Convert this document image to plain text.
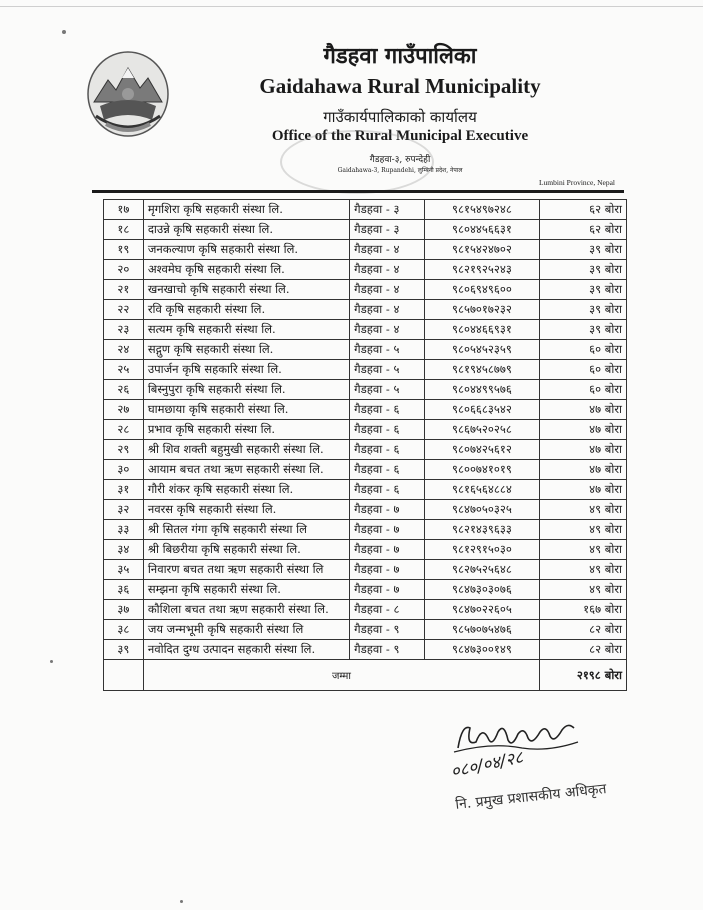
गैडहवा गाउँपालिका
Gaidahawa Rural Municipality
गाउँकार्यपालिकाको कार्यालय
Office of the Rural Municipal Executive
गैडहवा-३, रुपन्देही
Gaidahawa-3, Rupandehi, लुम्बिनी प्रदेश, नेपाल
Lumbini Province, Nepal
१७	मृगशिरा कृषि सहकारी संस्था लि.	गैडहवा - ३	९८१५४९७२४८	६२ बोरा
१८	दाउन्ने कृषि सहकारी संस्था लि.	गैडहवा - ३	९८०४४५६६३१	६२ बोरा
१९	जनकल्याण कृषि सहकारी संस्था लि.	गैडहवा - ४	९८१५४२४७०२	३९ बोरा
२०	अश्वमेघ कृषि सहकारी संस्था लि.	गैडहवा - ४	९८२१९२५२४३	३९ बोरा
२१	खनखाचो कृषि सहकारी संस्था लि.	गैडहवा - ४	९८०६९४९६००	३९ बोरा
२२	रवि कृषि सहकारी संस्था लि.	गैडहवा - ४	९८५७०१७२३२	३९ बोरा
२३	सत्यम कृषि सहकारी संस्था लि.	गैडहवा - ४	९८०४४६६९३१	३९ बोरा
२४	सद्गुण कृषि सहकारी संस्था लि.	गैडहवा - ५	९८०५४५२३५९	६० बोरा
२५	उपार्जन कृषि सहकारि संस्था लि.	गैडहवा - ५	९८१९४५८७७९	६० बोरा
२६	बिस्नुपुरा कृषि सहकारी संस्था लि.	गैडहवा - ५	९८०४४९९५७६	६० बोरा
२७	घामछाया कृषि सहकारी संस्था लि.	गैडहवा - ६	९८०६६८३५४२	४७ बोरा
२८	प्रभाव कृषि सहकारी संस्था लि.	गैडहवा - ६	९८६७५२०२५८	४७ बोरा
२९	श्री शिव शक्ती बहुमुखी सहकारी संस्था लि.	गैडहवा - ६	९८०७४२५६१२	४७ बोरा
३०	आयाम बचत तथा ऋण सहकारी संस्था लि.	गैडहवा - ६	९८००७४१०१९	४७ बोरा
३१	गौरी शंकर कृषि सहकारी संस्था लि.	गैडहवा - ६	९८१६५६४८८४	४७ बोरा
३२	नवरस कृषि सहकारी संस्था लि.	गैडहवा - ७	९८४७०५०३२५	४९ बोरा
३३	श्री सितल गंगा कृषि सहकारी संस्था लि	गैडहवा - ७	९८२१४३९६३३	४९ बोरा
३४	श्री बिछरीया कृषि सहकारी संस्था लि.	गैडहवा - ७	९८१२९१५०३०	४९ बोरा
३५	निवारण बचत तथा ऋण सहकारी संस्था लि	गैडहवा - ७	९८२७५२५६४८	४९ बोरा
३६	सम्झना कृषि सहकारी संस्था लि.	गैडहवा - ७	९८४७३०३०७६	४९ बोरा
३७	कौशिला बचत तथा ऋण सहकारी संस्था लि.	गैडहवा - ८	९८४७०२२६०५	१६७ बोरा
३८	जय जन्मभूमी कृषि सहकारी संस्था लि	गैडहवा - ९	९८५७०७५४७६	८२ बोरा
३९	नवोदित दुग्ध उत्पादन सहकारी संस्था लि.	गैडहवा - ९	९८४७३००१४९	८२ बोरा
	जम्मा			२१९८ बोरा
०८०/०४/२८
नि. प्रमुख प्रशासकीय अधिकृत
